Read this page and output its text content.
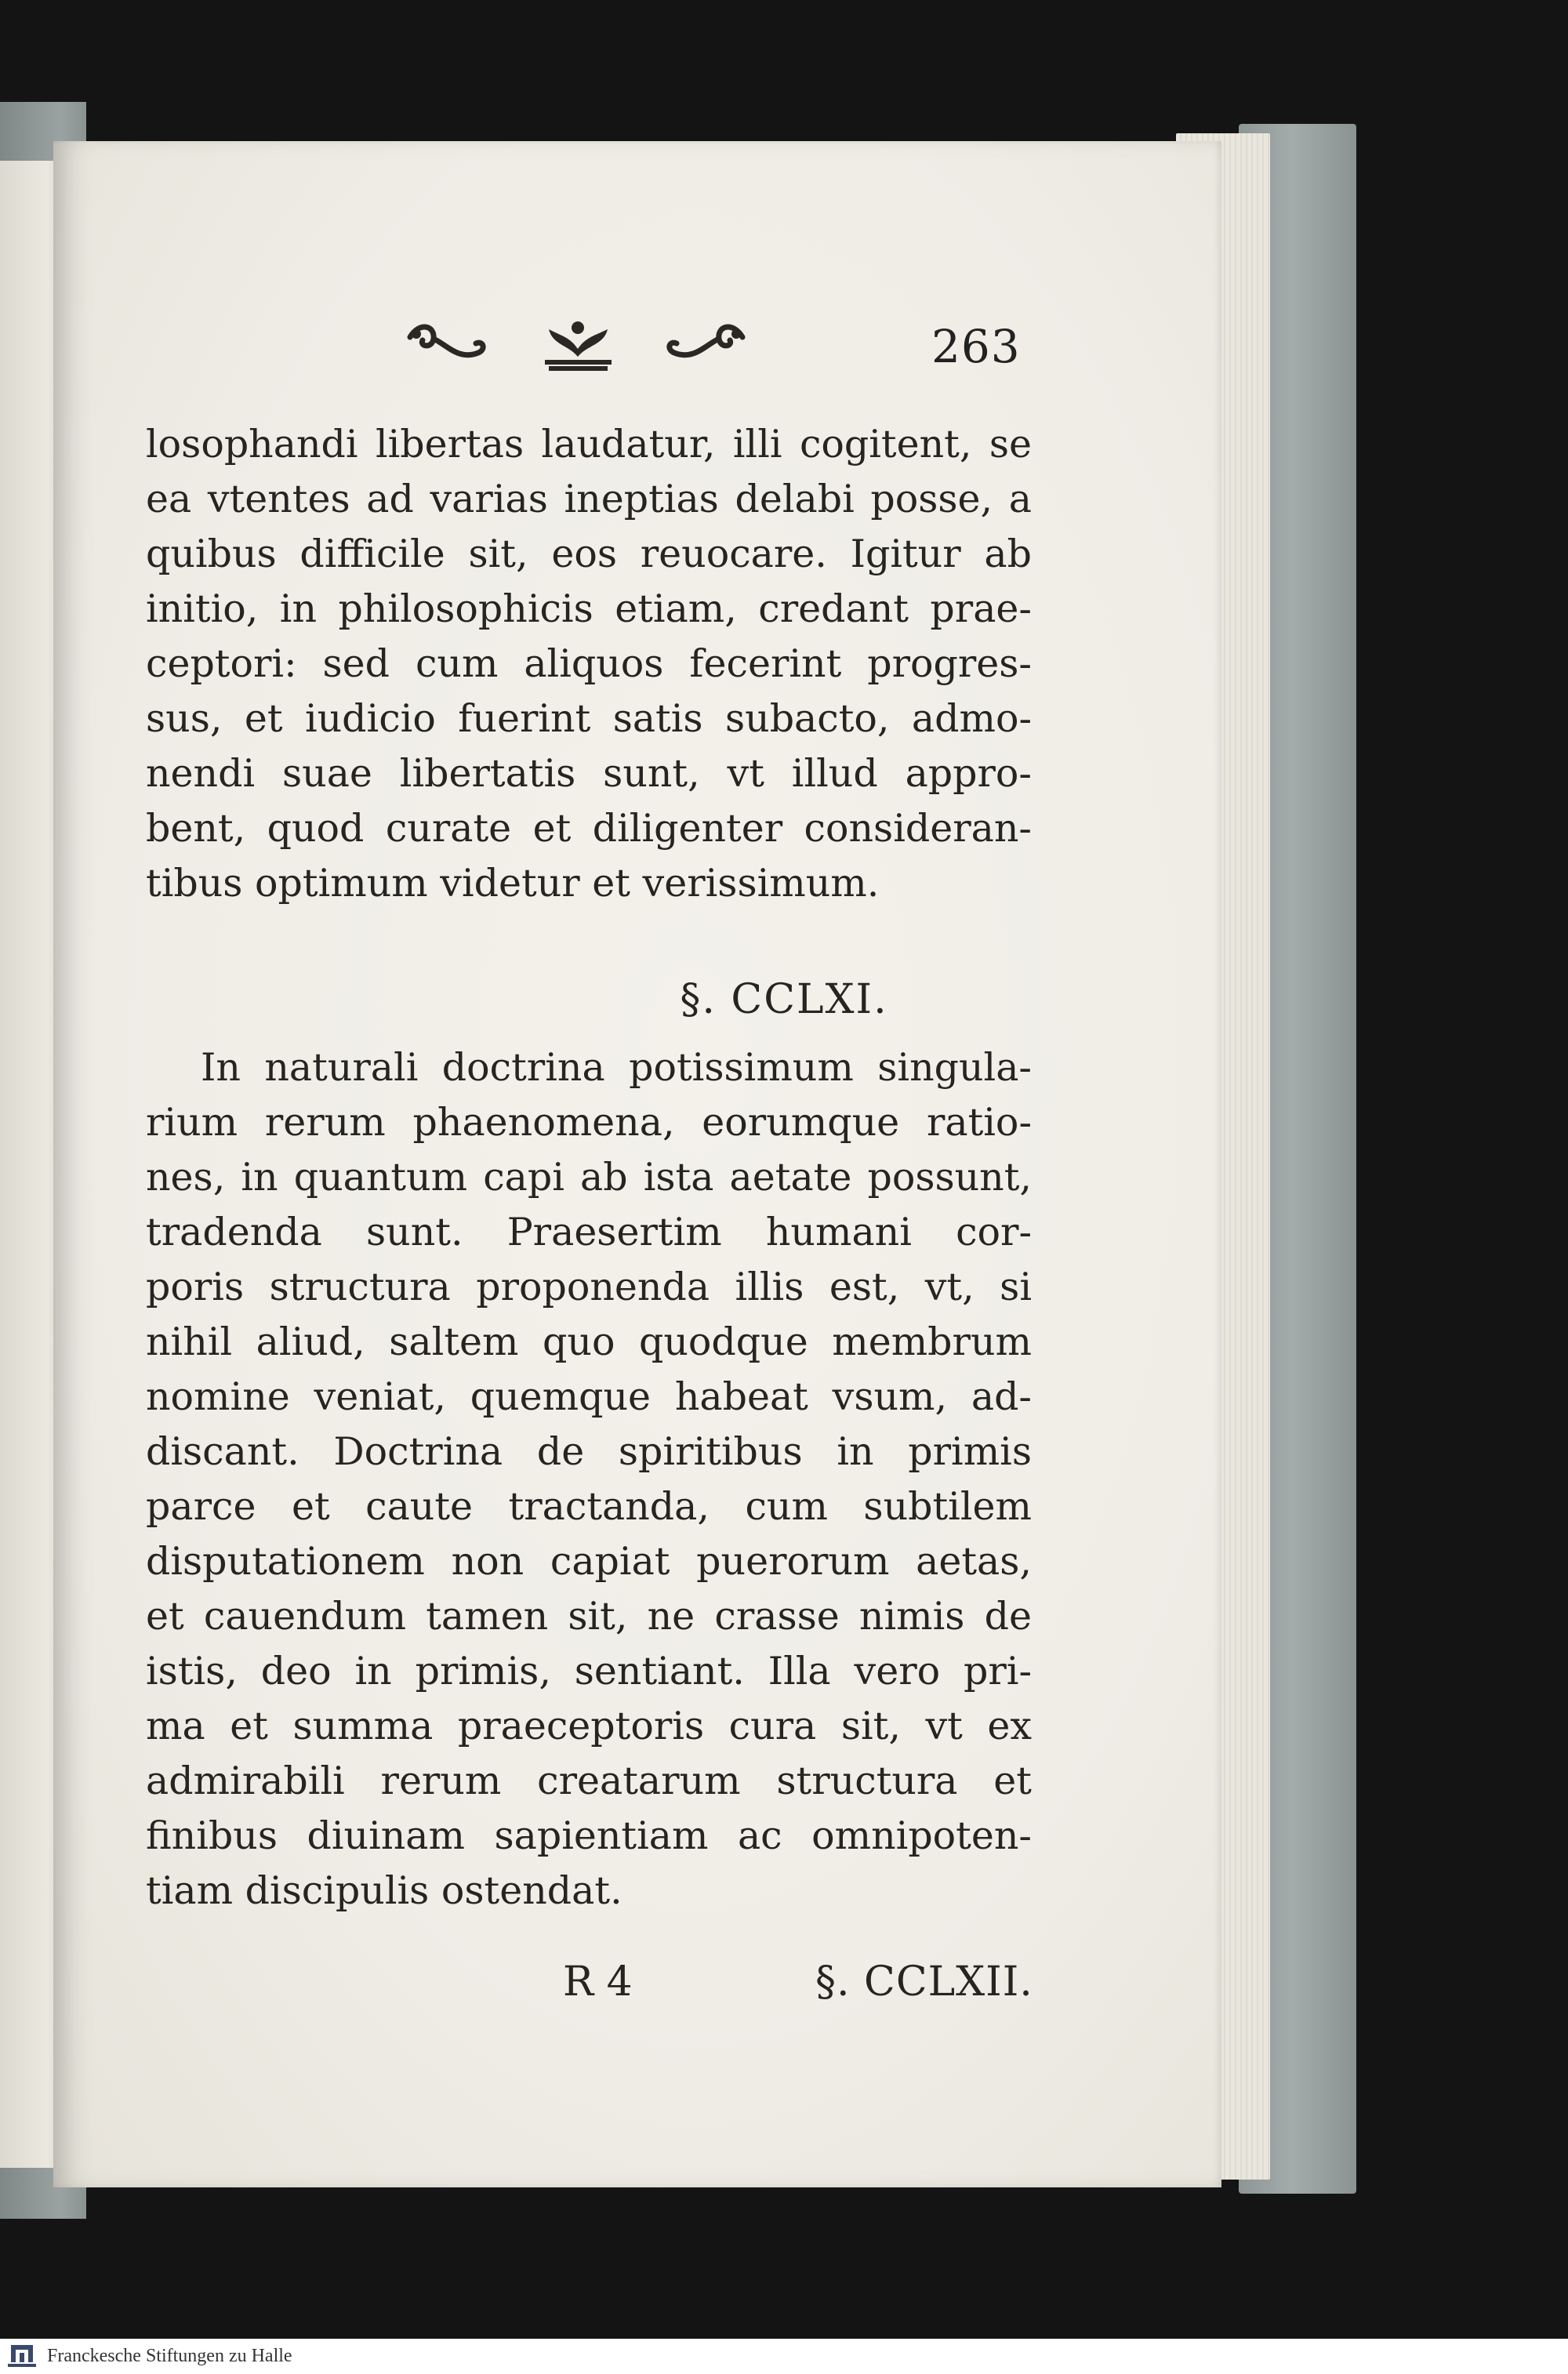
263
losophandi libertas laudatur, illi cogitent, se
ea vtentes ad varias ineptias delabi posse, a
quibus difficile sit, eos reuocare. Igitur ab
initio, in philosophicis etiam, credant prae-
ceptori: sed cum aliquos fecerint progres-
sus, et iudicio fuerint satis subacto, admo-
nendi suae libertatis sunt, vt illud appro-
bent, quod curate et diligenter consideran-
tibus optimum videtur et verissimum.
§. CCLXI.
In naturali doctrina potissimum singula-
rium rerum phaenomena, eorumque ratio-
nes, in quantum capi ab ista aetate possunt,
tradenda sunt. Praesertim humani cor-
poris structura proponenda illis est, vt, si
nihil aliud, saltem quo quodque membrum
nomine veniat, quemque habeat vsum, ad-
discant. Doctrina de spiritibus in primis
parce et caute tractanda, cum subtilem
disputationem non capiat puerorum aetas,
et cauendum tamen sit, ne crasse nimis de
istis, deo in primis, sentiant. Illa vero pri-
ma et summa praeceptoris cura sit, vt ex
admirabili rerum creatarum structura et
finibus diuinam sapientiam ac omnipoten-
tiam discipulis ostendat.
R 4	§. CCLXII.
Franckesche Stiftungen zu Halle
